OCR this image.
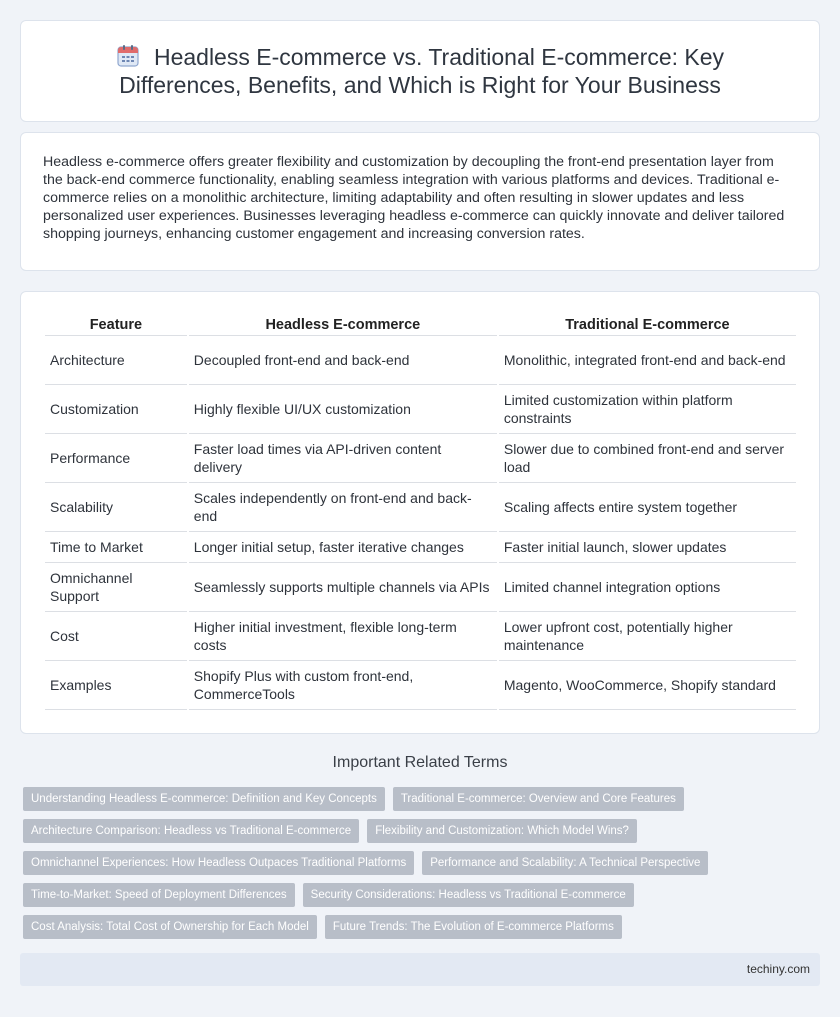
Headless E-commerce vs. Traditional E-commerce: Key Differences, Benefits, and Which is Right for Your Business

Headless e-commerce offers greater flexibility and customization by decoupling the front-end presentation layer from the back-end commerce functionality, enabling seamless integration with various platforms and devices. Traditional e-commerce relies on a monolithic architecture, limiting adaptability and often resulting in slower updates and less personalized user experiences. Businesses leveraging headless e-commerce can quickly innovate and deliver tailored shopping journeys, enhancing customer engagement and increasing conversion rates.

Feature	Headless E-commerce	Traditional E-commerce
Architecture	Decoupled front-end and back-end	Monolithic, integrated front-end and back-end
Customization	Highly flexible UI/UX customization	Limited customization within platform constraints
Performance	Faster load times via API-driven content delivery	Slower due to combined front-end and server load
Scalability	Scales independently on front-end and back-end	Scaling affects entire system together
Time to Market	Longer initial setup, faster iterative changes	Faster initial launch, slower updates
Omnichannel Support	Seamlessly supports multiple channels via APIs	Limited channel integration options
Cost	Higher initial investment, flexible long-term costs	Lower upfront cost, potentially higher maintenance
Examples	Shopify Plus with custom front-end, CommerceTools	Magento, WooCommerce, Shopify standard
Important Related Terms
Understanding Headless E-commerce: Definition and Key Concepts	Traditional E-commerce: Overview and Core Features
Architecture Comparison: Headless vs Traditional E-commerce	Flexibility and Customization: Which Model Wins?
Omnichannel Experiences: How Headless Outpaces Traditional Platforms	Performance and Scalability: A Technical Perspective
Time-to-Market: Speed of Deployment Differences	Security Considerations: Headless vs Traditional E-commerce
Cost Analysis: Total Cost of Ownership for Each Model	Future Trends: The Evolution of E-commerce Platforms
techiny.com
